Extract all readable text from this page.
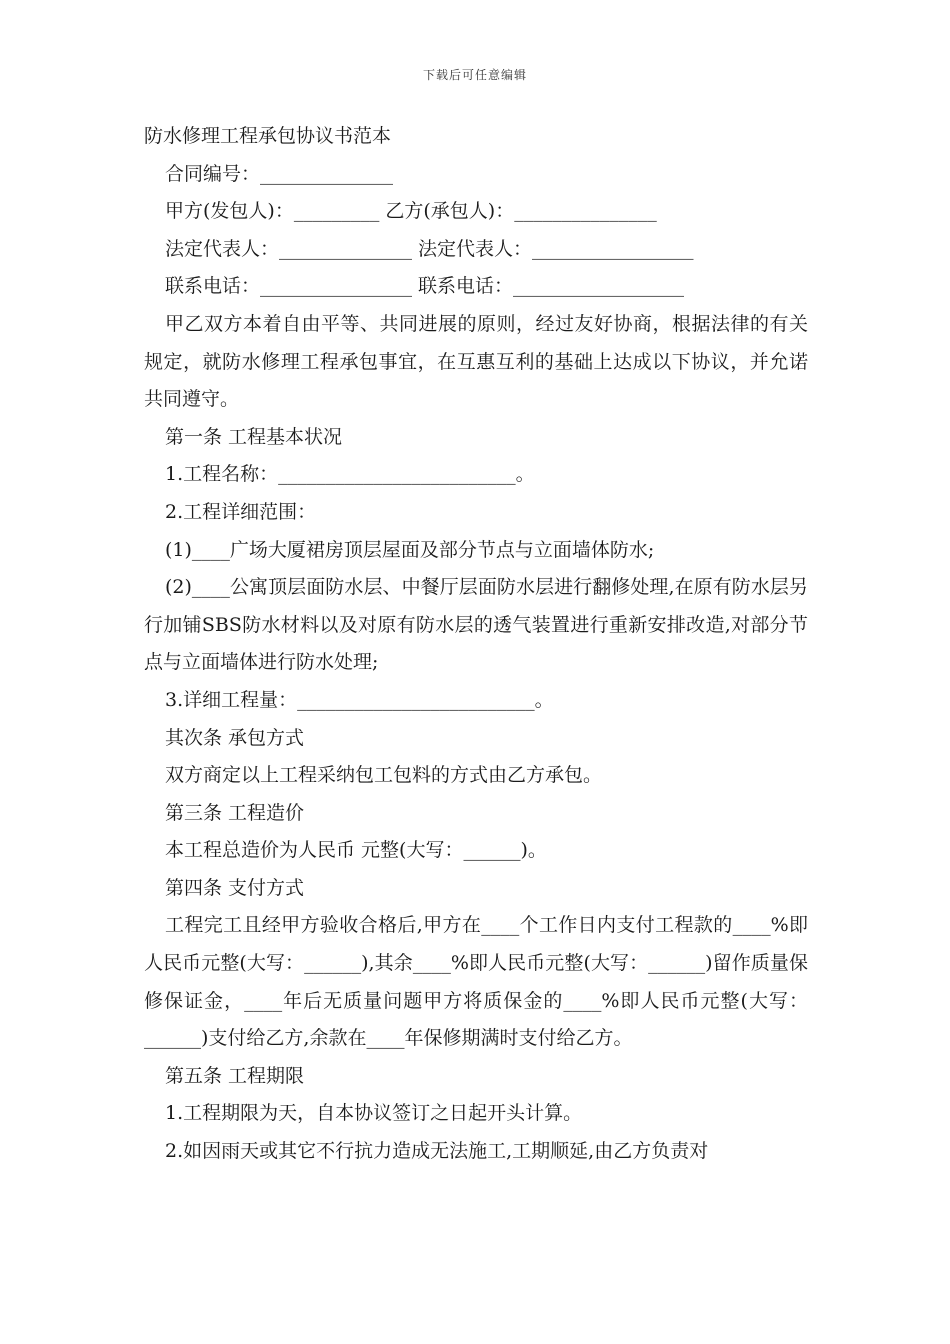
下载后可任意编辑

防水修理工程承包协议书范本

合同编号：______________

甲方(发包人)：_________ 乙方(承包人)：_______________

法定代表人：______________ 法定代表人：_________________

联系电话：________________ 联系电话：__________________

甲乙双方本着自由平等、共同进展的原则，经过友好协商，根据法律的有关规定，就防水修理工程承包事宜，在互惠互利的基础上达成以下协议，并允诺共同遵守。

第一条 工程基本状况

1.工程名称：_________________________。

2.工程详细范围：

(1)____广场大厦裙房顶层屋面及部分节点与立面墙体防水;

(2)____公寓顶层面防水层、中餐厅层面防水层进行翻修处理,在原有防水层另行加铺SBS防水材料以及对原有防水层的透气装置进行重新安排改造,对部分节点与立面墙体进行防水处理;

3.详细工程量：_________________________。

其次条 承包方式

双方商定以上工程采纳包工包料的方式由乙方承包。

第三条 工程造价

本工程总造价为人民币 元整(大写：______)。

第四条 支付方式

工程完工且经甲方验收合格后,甲方在____个工作日内支付工程款的____%即人民币元整(大写：______),其余____%即人民币元整(大写：______)留作质量保修保证金，____年后无质量问题甲方将质保金的____%即人民币元整(大写：______)支付给乙方,余款在____年保修期满时支付给乙方。

第五条 工程期限

1.工程期限为天，自本协议签订之日起开头计算。

2.如因雨天或其它不行抗力造成无法施工,工期顺延,由乙方负责对
